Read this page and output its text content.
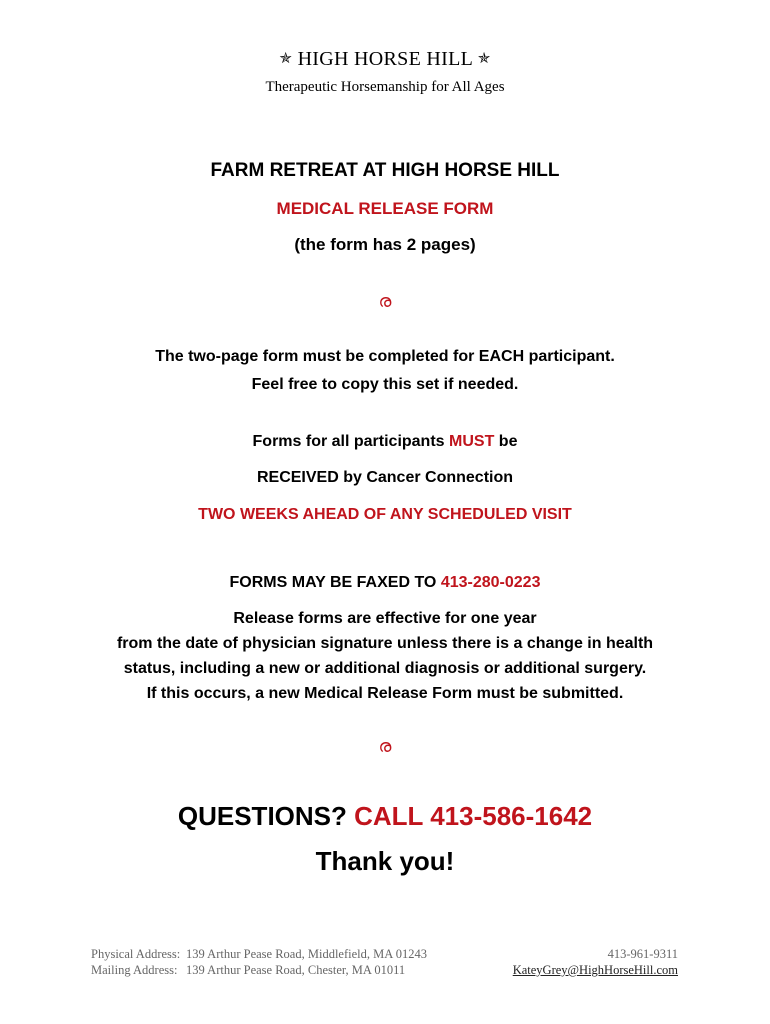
✯ HIGH HORSE HILL ✯
Therapeutic Horsemanship for All Ages
FARM RETREAT AT HIGH HORSE HILL
MEDICAL RELEASE FORM
(the form has 2 pages)
ര
The two-page form must be completed for EACH participant.
Feel free to copy this set if needed.
Forms for all participants MUST be
RECEIVED by Cancer Connection
TWO WEEKS AHEAD OF ANY SCHEDULED VISIT
FORMS MAY BE FAXED TO 413-280-0223
Release forms are effective for one year
from the date of physician signature unless there is a change in health
status, including a new or additional diagnosis or additional surgery.
If this occurs, a new Medical Release Form must be submitted.
ര
QUESTIONS? CALL 413-586-1642
Thank you!
Physical Address: 139 Arthur Pease Road, Middlefield, MA 01243
Mailing Address: 139 Arthur Pease Road, Chester, MA 01011
413-961-9311
KateyGrey@HighHorseHill.com
